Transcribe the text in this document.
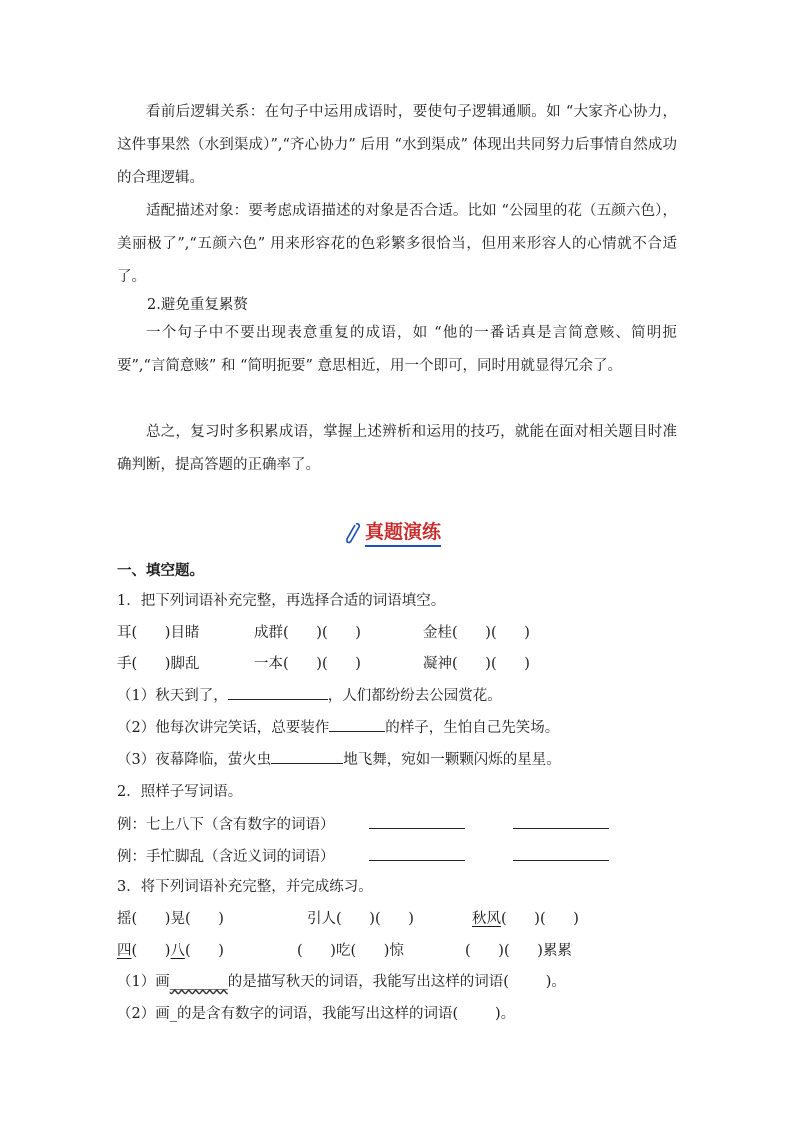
看前后逻辑关系：在句子中运用成语时，要使句子逻辑通顺。如 “大家齐心协力，这件事果然（水到渠成）”,“齐心协力” 后用 “水到渠成” 体现出共同努力后事情自然成功的合理逻辑。

适配描述对象：要考虑成语描述的对象是否合适。比如 “公园里的花（五颜六色），美丽极了”,“五颜六色” 用来形容花的色彩繁多很恰当，但用来形容人的心情就不合适了。

2.避免重复累赘

一个句子中不要出现表意重复的成语，如 “他的一番话真是言简意赅、简明扼要”,“言简意赅” 和 “简明扼要” 意思相近，用一个即可，同时用就显得冗余了。

总之，复习时多积累成语，掌握上述辨析和运用的技巧，就能在面对相关题目时准确判断，提高答题的正确率了。

真题演练
一、填空题。
1．把下列词语补充完整，再选择合适的词语填空。
耳(      )目睹	成群(      )(      )	金桂(      )(      )
手(      )脚乱	一本(      )(      )	凝神(      )(      )
（1）秋天到了，	，人们都纷纷去公园赏花。
（2）他每次讲完笑话，总要装作	的样子，生怕自己先笑场。
（3）夜幕降临，萤火虫	地飞舞，宛如一颗颗闪烁的星星。
2．照样子写词语。
例：七上八下（含有数字的词语）
例：手忙脚乱（含近义词的词语）
3．将下列词语补充完整，并完成练习。
摇(      )晃(      )	引人(      )(      )	秋风(      )(      )
四(      )八(      )	(      )吃(      )惊	(      )(      )累累
（1）画________的是描写秋天的词语，我能写出这样的词语(        )。
（2）画_的是含有数字的词语，我能写出这样的词语(        )。
